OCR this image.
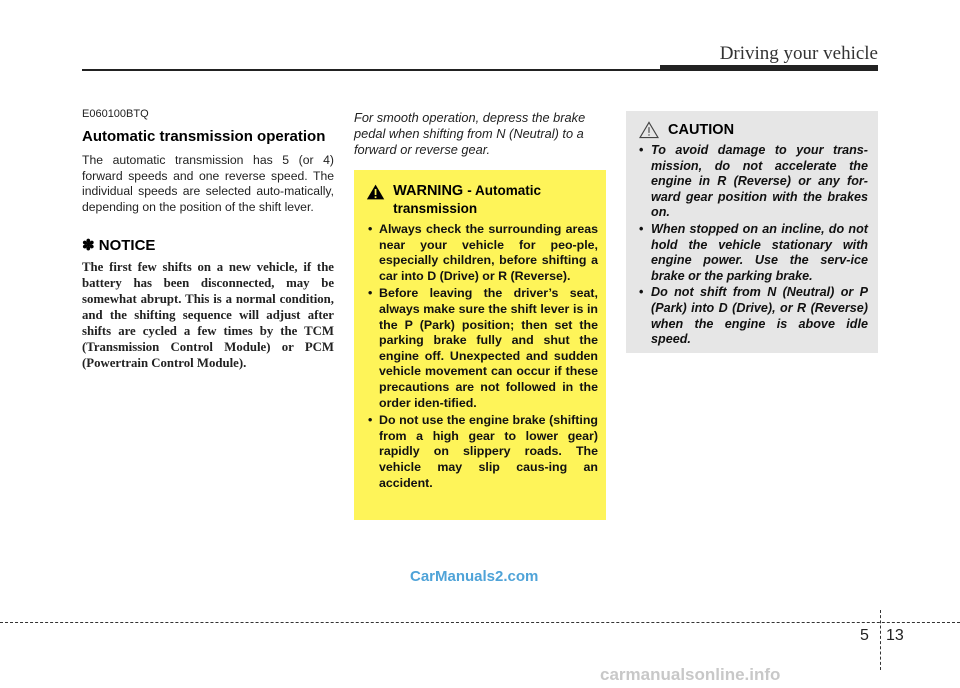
Driving your vehicle

E060100BTQ

Automatic transmission operation

The automatic transmission has 5 (or 4) forward speeds and one reverse speed. The individual speeds are selected auto-matically, depending on the position of the shift lever.

✽ NOTICE

The first few shifts on a new vehicle, if the battery has been disconnected, may be somewhat abrupt. This is a normal condition, and the shifting sequence will adjust after shifts are cycled a few times by the TCM (Transmission Control Module) or PCM (Powertrain Control Module).

For smooth operation, depress the brake pedal when shifting from N (Neutral) to a forward or reverse gear.

WARNING - Automatic transmission
• Always check the surrounding areas near your vehicle for peo-ple, especially children, before shifting a car into D (Drive) or R (Reverse).
• Before leaving the driver’s seat, always make sure the shift lever is in the P (Park) position; then set the parking brake fully and shut the engine off. Unexpected and sudden vehicle movement can occur if these precautions are not followed in the order iden-tified.
• Do not use the engine brake (shifting from a high gear to lower gear) rapidly on slippery roads. The vehicle may slip caus-ing an accident.
CAUTION
• To avoid damage to your trans-mission, do not accelerate the engine in R (Reverse) or any for-ward gear position with the brakes on.
• When stopped on an incline, do not hold the vehicle stationary with engine power. Use the serv-ice brake or the parking brake.
• Do not shift from N (Neutral) or P (Park) into D (Drive), or R (Reverse) when the engine is above idle speed.
CarManuals2.com
5 13
carmanualsonline.info
